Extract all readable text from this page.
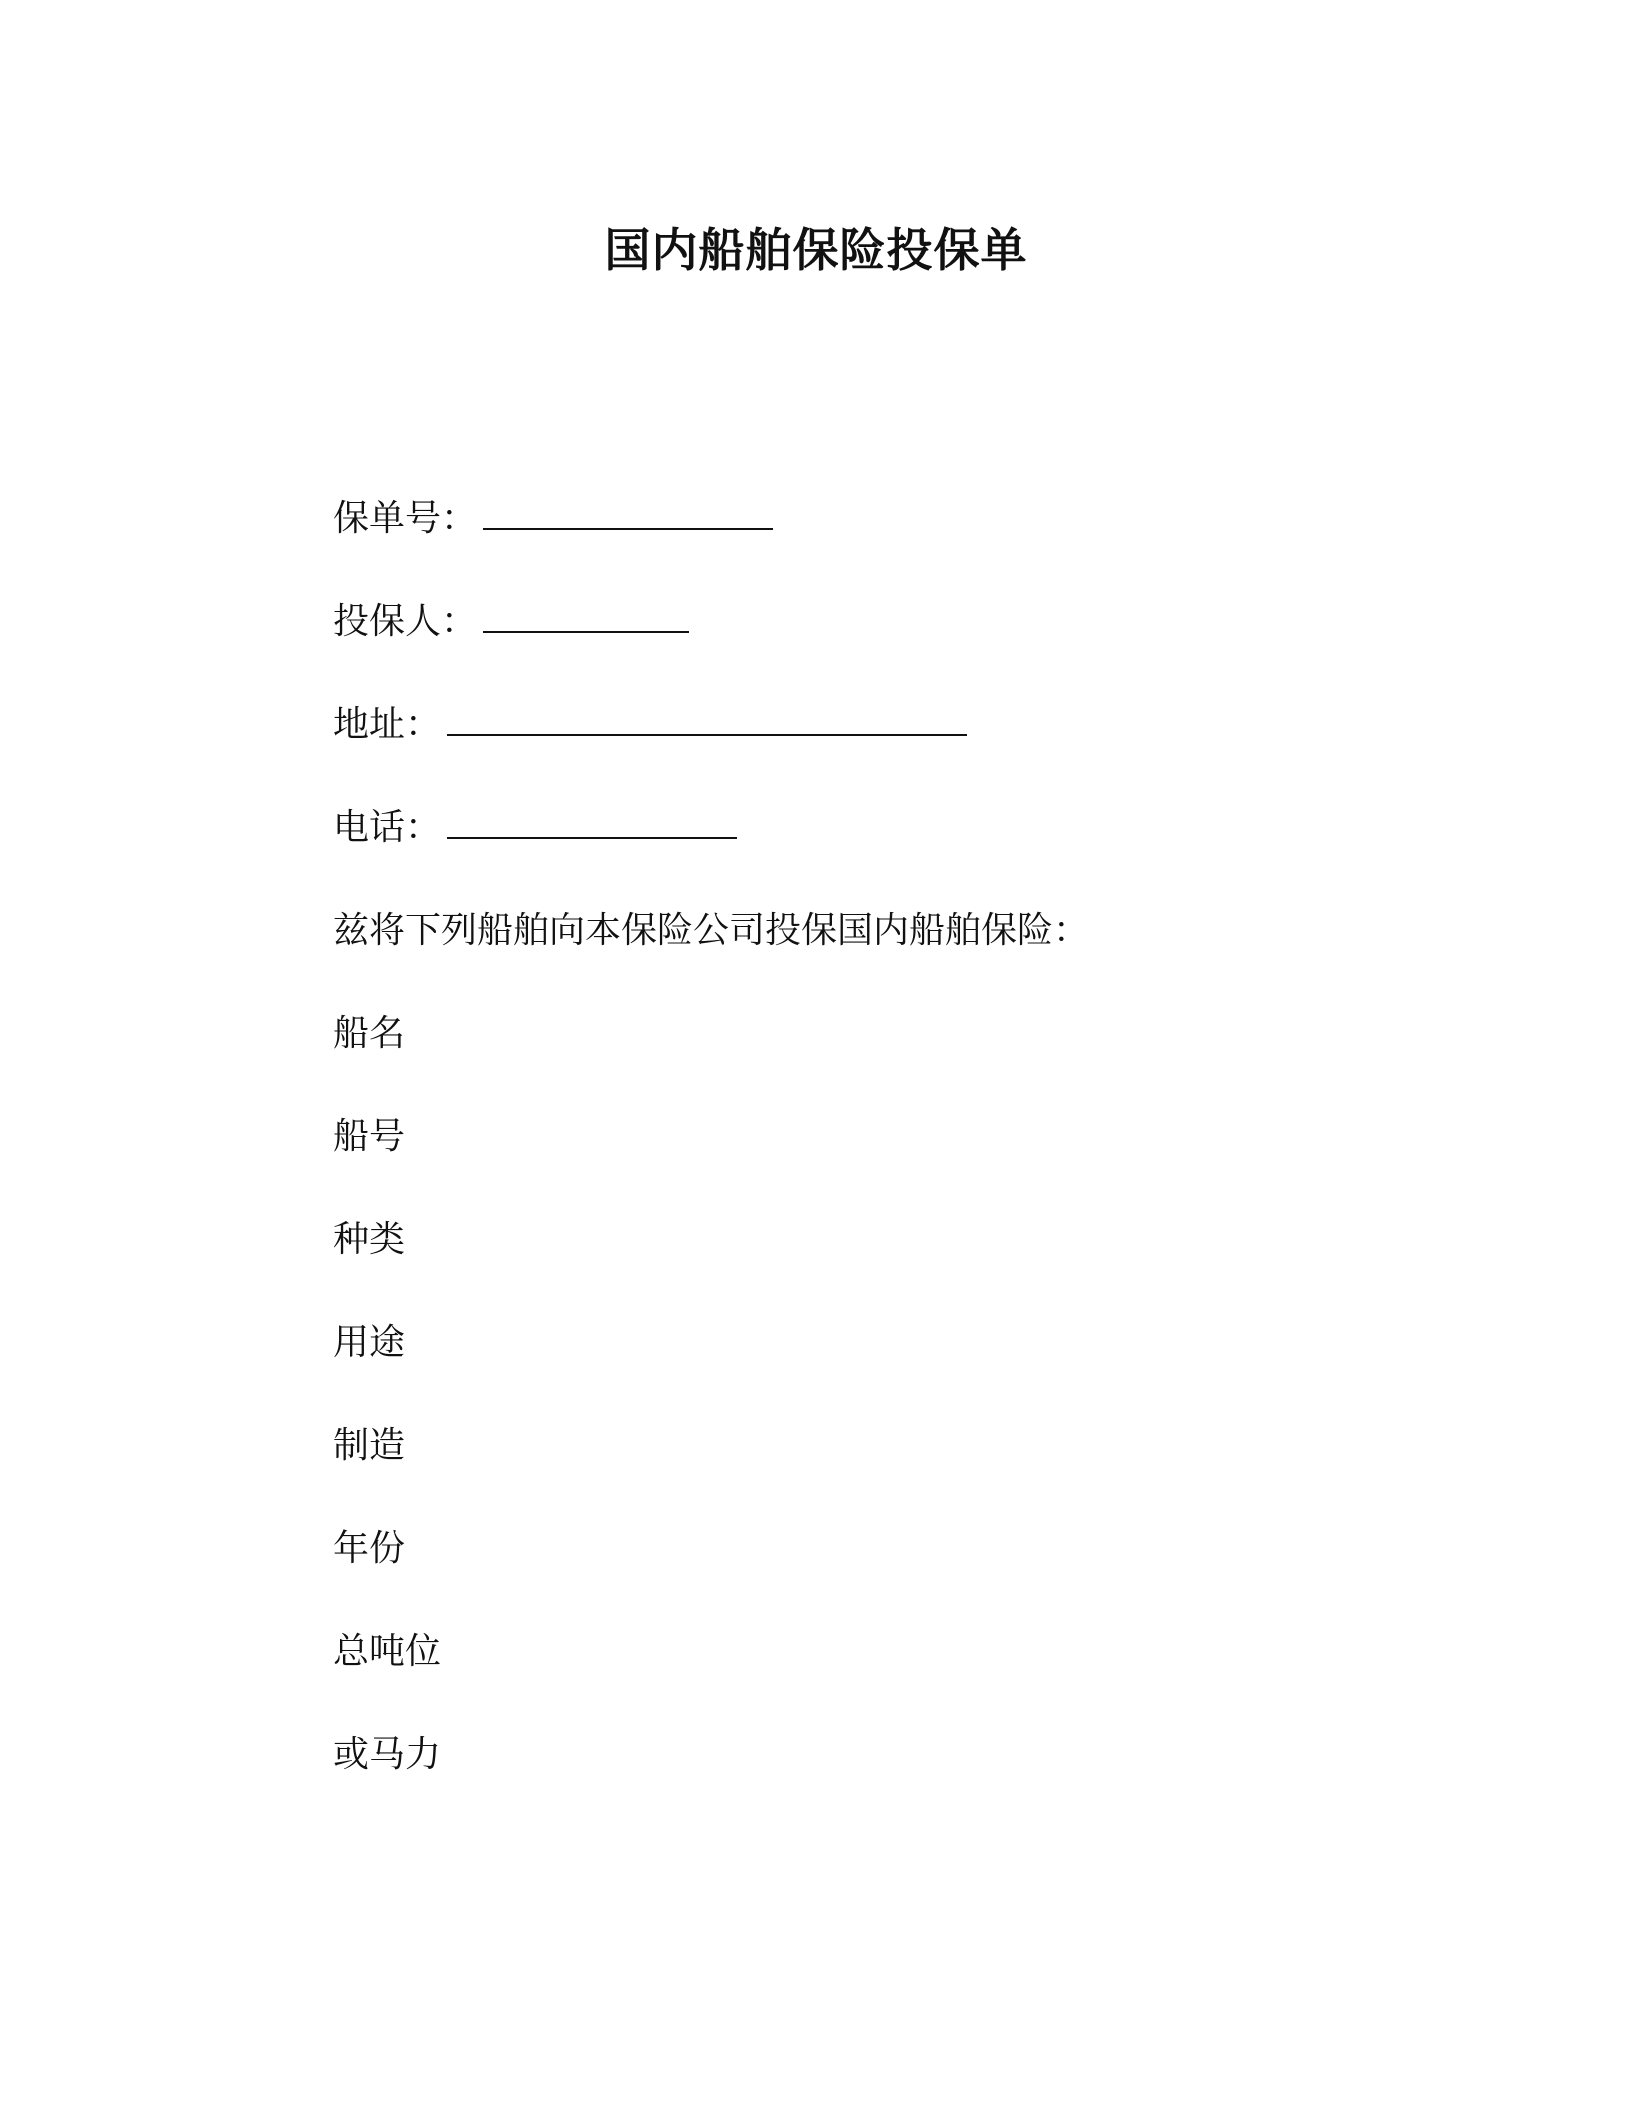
国内船舶保险投保单
保单号：
投保人：
地址：
电话：
兹将下列船舶向本保险公司投保国内船舶保险：
船名
船号
种类
用途
制造
年份
总吨位
或马力
